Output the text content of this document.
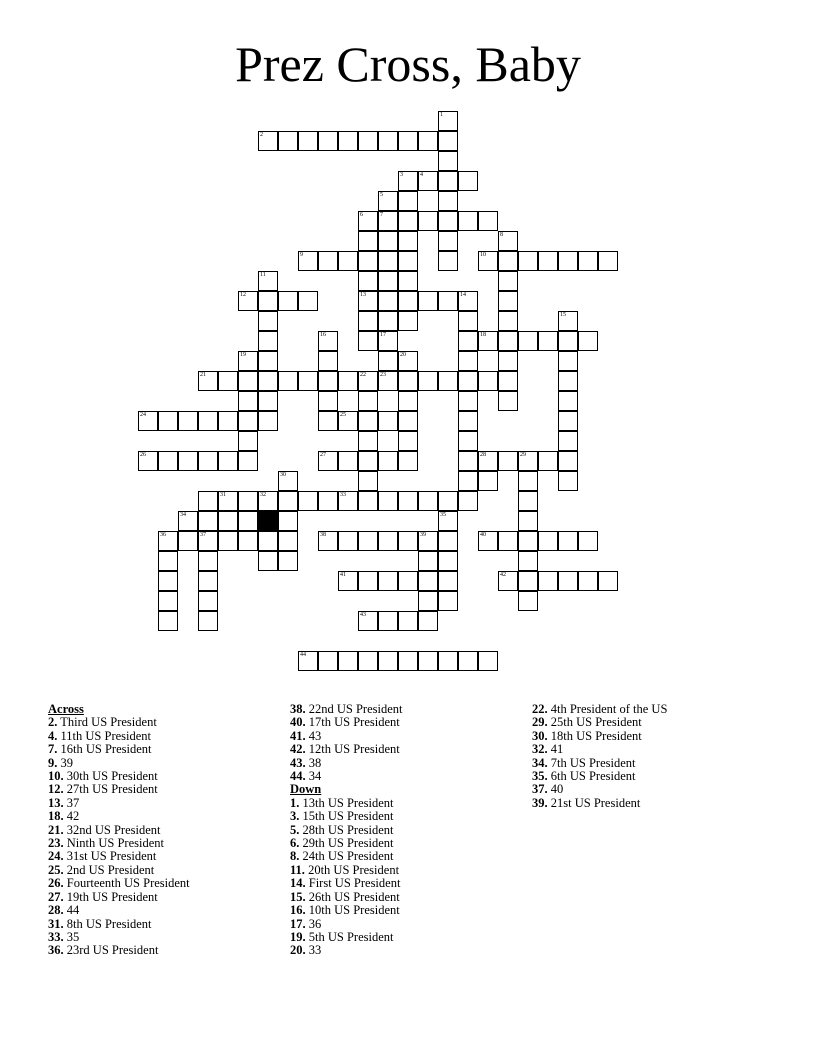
Prez Cross, Baby
1
2
3	4
5
7
17
23
6
13
8
9	10
11
12	14
15
16	18
19	20
21	22
24	25
26	27	28	29
30
31	32	33
34	35
36	37	38	39	40
41	42
43
44
Across
2. Third US President
4. 11th US President
7. 16th US President
9. 39
10. 30th US President
12. 27th US President
13. 37
18. 42
21. 32nd US President
23. Ninth US President
24. 31st US President
25. 2nd US President
26. Fourteenth US President
27. 19th US President
28. 44
31. 8th US President
33. 35
36. 23rd US President
38. 22nd US President
40. 17th US President
41. 43
42. 12th US President
43. 38
44. 34
Down
1. 13th US President
3. 15th US President
5. 28th US President
6. 29th US President
8. 24th US President
11. 20th US President
14. First US President
15. 26th US President
16. 10th US President
17. 36
19. 5th US President
20. 33
22. 4th President of the US
29. 25th US President
30. 18th US President
32. 41
34. 7th US President
35. 6th US President
37. 40
39. 21st US President
